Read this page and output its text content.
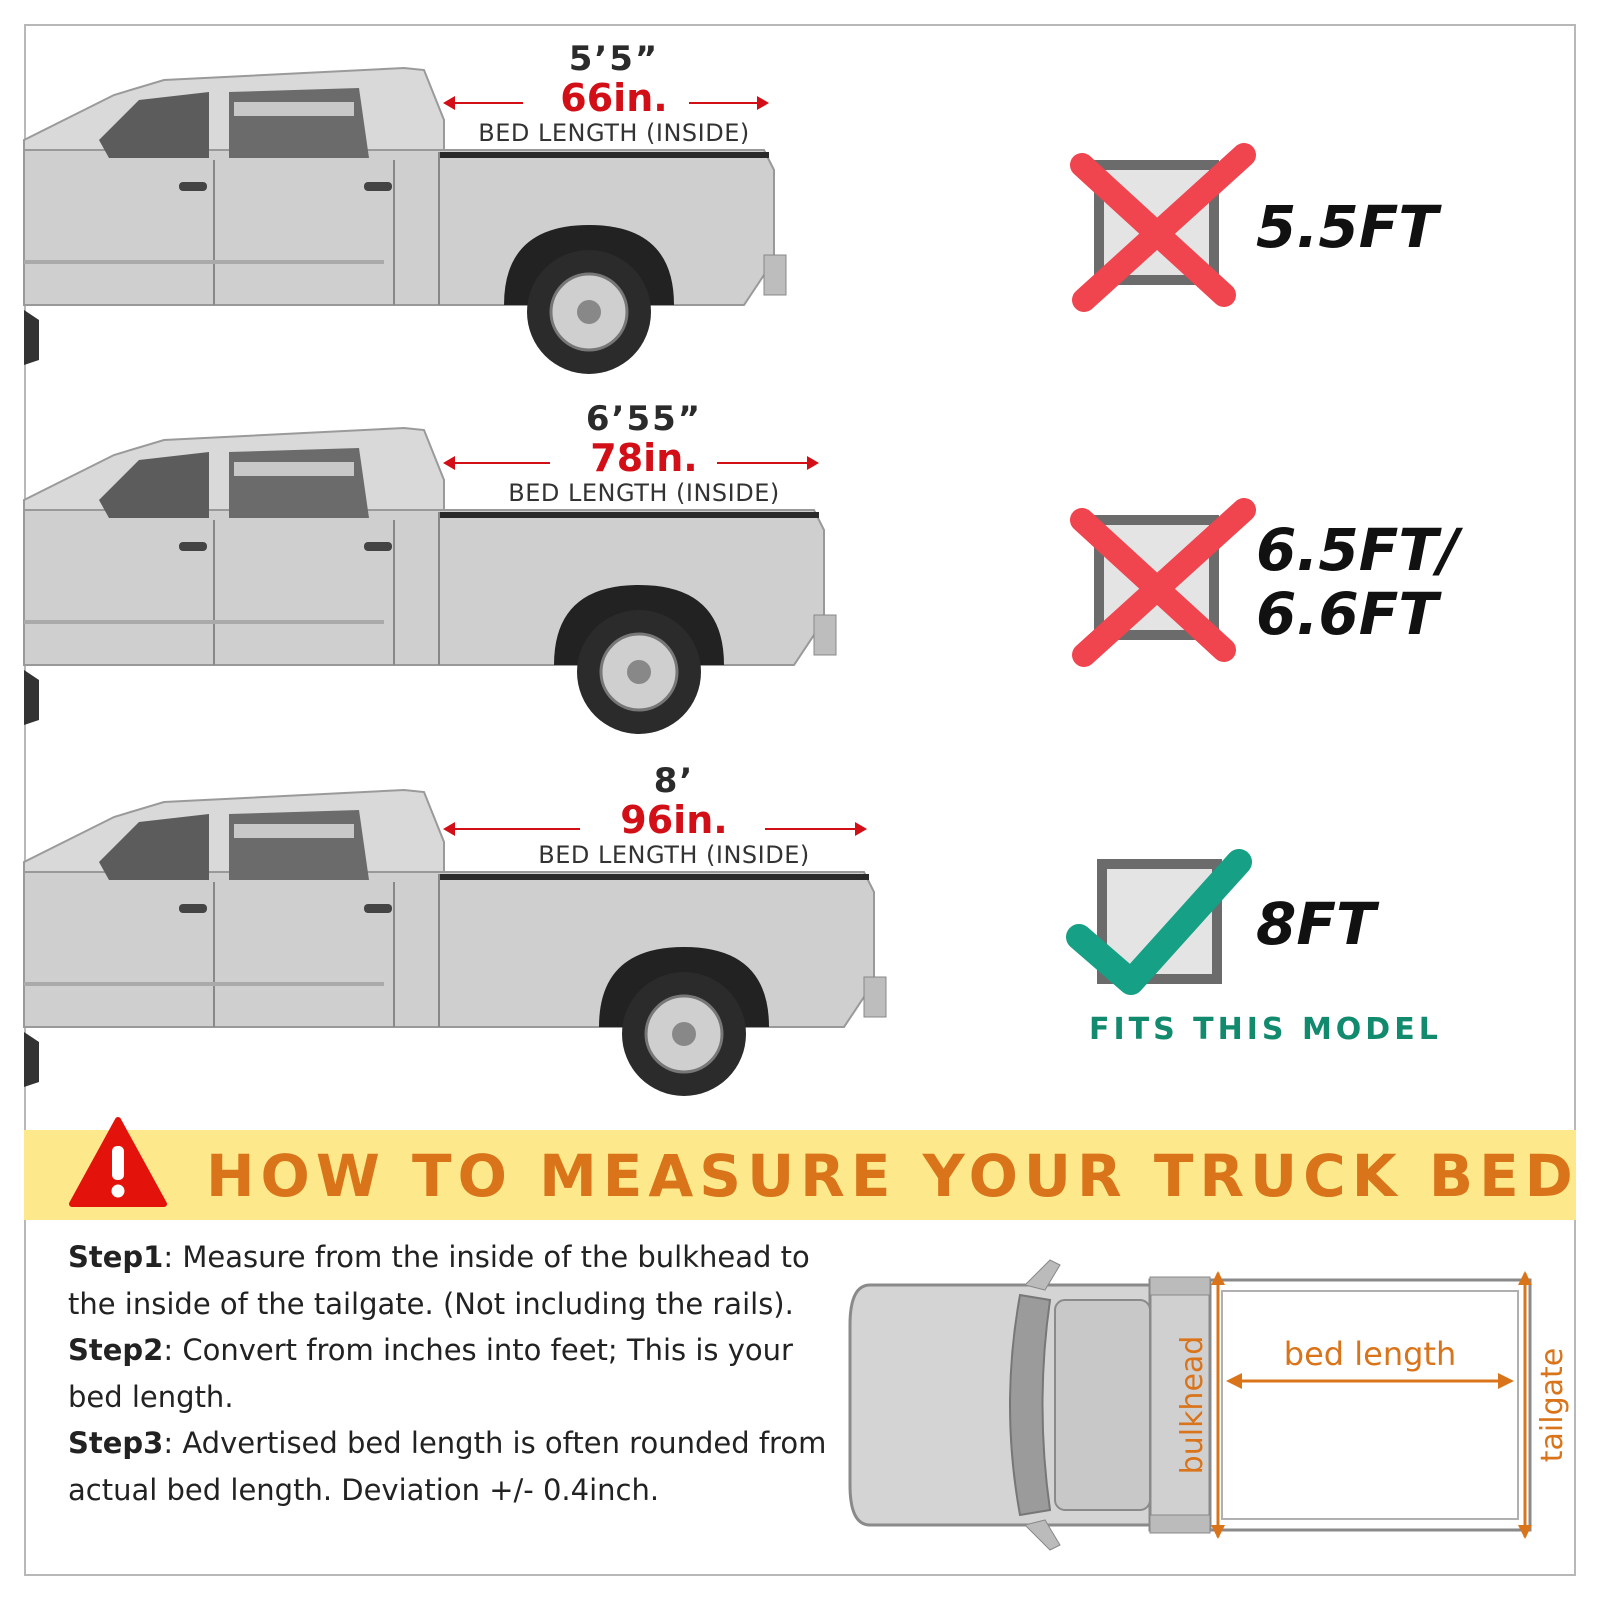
5’5”
66in.
BED LENGTH (INSIDE)
5.5FT
6’55”
78in.
BED LENGTH (INSIDE)
6.5FT/
6.6FT
8’
96in.
BED LENGTH (INSIDE)
8FT
FITS THIS MODEL
HOW TO MEASURE YOUR TRUCK BED
Step1: Measure from the inside of the bulkhead to the inside of the tailgate. (Not including the rails).
Step2: Convert from inches into feet; This is your bed length.
Step3: Advertised bed length is often rounded from actual bed length. Deviation +/- 0.4inch.
bed length
bulkhead	tailgate
